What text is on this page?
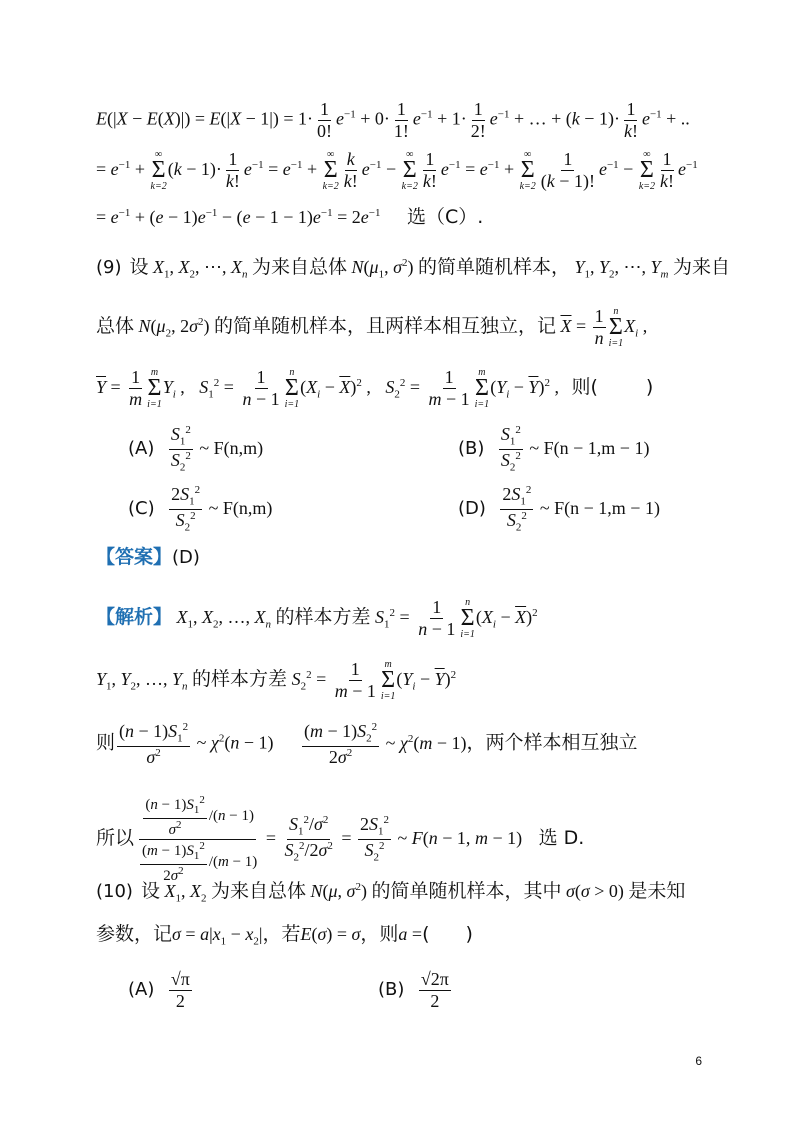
$E(|X - E(X)|) = E(|X - 1|) = 1\cdot \frac{1}{0!} e^{-1} + 0\cdot \frac{1}{1!} e^{-1} + 1\cdot \frac{1}{2!} e^{-1}$ + … + $(k - 1)\cdot \frac{1}{k!} e^{-1}$ + ..
= $e^{-1}$ +
∞
Σ
k=2
$(k - 1)\cdot \frac{1}{k!} e^{-1} = e^{-1}$ +
∞
Σ
$k=2 \frac{k}{k!} e^{-1}$ −
∞
Σ
$k=2 \frac{1}{k!} e^{-1} = e^{-1}$ +
∞
Σ
$k=2 \frac{1}{(k - 1)!} e^{-1}$ −
∞
Σ
$k=2 \frac{1}{k!} e^{-1}$
= $e^{-1} + (e - 1)e^{-1} - (e - 1 - 1)e^{-1} = 2e^{-1}$ 选（C）.
(9) 设 $X_1$, $X_2$, ⋯, $X_n$ 为来自总体 $N(\mu_1$, $\sigma^2$) 的简单随机样本， $Y_1$, $Y_2$, ⋯, $Y_m$ 为来自
总体 $N(\mu_2$, $2\sigma^2$) 的简单随机样本，且两样本相互独立，记 $\overline{X} = \frac{1}{n}$ n
Σ
i=1
$X_i$ ,
$\overline{Y} = \frac{1}{m}$ m
Σ
i=1
$Y_i$ , $S_1^2 = \frac{1}{n - 1}$ n
Σ
i=1
$(X_i - \overline{X})^2$ , $S_2^2 = \frac{1}{m - 1}$ m
Σ
i=1
$(Y_i - \overline{Y})^2$ , 则(	)
$(A) \frac{S_1^2}{S_2^2}$ ~ F(n,m)	$(B) \frac{S_1^2}{S_2^2}$ ~ F(n − 1,m − 1)
$(C) \frac{2S_1^2}{S_2^2}$ ~ F(n,m)	$(D) \frac{2S_1^2}{S_2^2}$ ~ F(n − 1,m − 1)
【答案】(D)
【解析】 $X_1$, $X_2$, …, $X_n$ 的样本方差 $S_1^2 = \frac{1}{n - 1}$ n
Σ
i=1
$(X_i - \overline{X})^2$
$Y_1$, $Y_2$, …, $Y_n$ 的样本方差 $S_2^2 = \frac{1}{m - 1}$ m
Σ
i=1
$(Y_i - \overline{Y})^2$
则 $\frac{(n - 1)S_1^2}{\sigma^2}$ ~ $\chi^2(n - 1) \frac{(m - 1)S_2^2}{2\sigma^2}$ ~ $\chi^2(m - 1)$，两个样本相互独立
所以 $\frac{\frac{(n - 1)S_1^2}{\sigma^2} /(n - 1)}{\frac{(m - 1)S_1^2}{2\sigma^2} /(m - 1)} = \frac{S_1^2/\sigma^2}{S_2^2/2\sigma^2} = \frac{2S_1^2}{S_2^2}$ ~ F(n − 1, m − 1) 选 D.
(10) 设 $X_1$, $X_2$ 为来自总体 N(μ, $\sigma^2$) 的简单随机样本，其中 σ(σ > 0) 是未知
参数，记$\sigma = a|x_1 - x_2|$，若E(σ) = σ，则a =( )
$(A) \frac{√\pi}{2}$	$(B) \frac{√2\pi}{2}$
6
